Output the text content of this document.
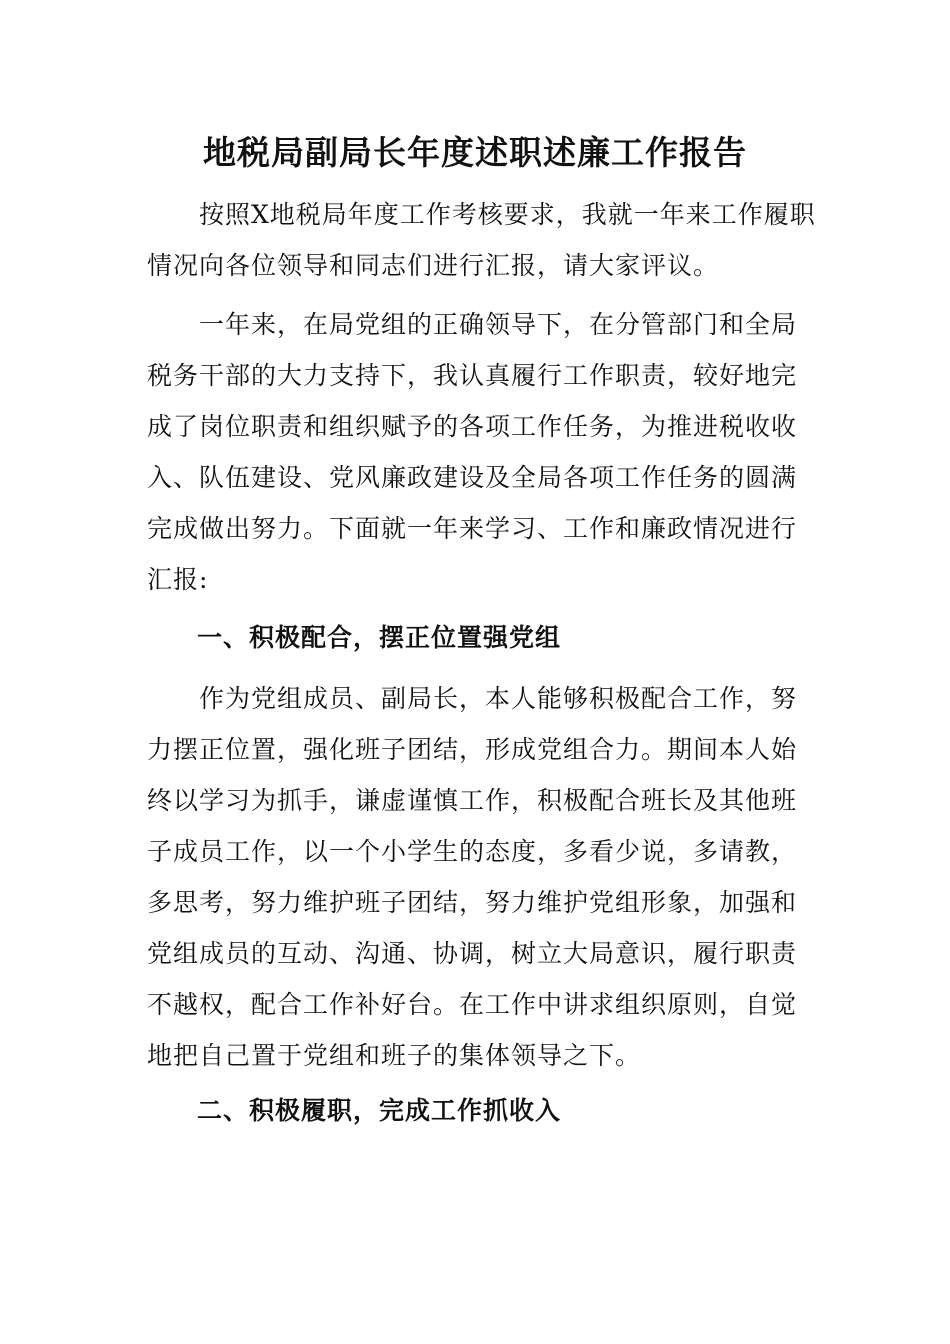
地税局副局长年度述职述廉工作报告
　　按照X地税局年度工作考核要求，我就一年来工作履职
情况向各位领导和同志们进行汇报，请大家评议。
　　一年来，在局党组的正确领导下，在分管部门和全局
税务干部的大力支持下，我认真履行工作职责，较好地完
成了岗位职责和组织赋予的各项工作任务，为推进税收收
入、队伍建设、党风廉政建设及全局各项工作任务的圆满
完成做出努力。下面就一年来学习、工作和廉政情况进行
汇报:
一、积极配合，摆正位置强党组
　　作为党组成员、副局长，本人能够积极配合工作，努
力摆正位置，强化班子团结，形成党组合力。期间本人始
终以学习为抓手，谦虚谨慎工作，积极配合班长及其他班
子成员工作，以一个小学生的态度，多看少说，多请教，
多思考，努力维护班子团结，努力维护党组形象，加强和
党组成员的互动、沟通、协调，树立大局意识，履行职责
不越权，配合工作补好台。在工作中讲求组织原则，自觉
地把自己置于党组和班子的集体领导之下。
二、积极履职，完成工作抓收入
